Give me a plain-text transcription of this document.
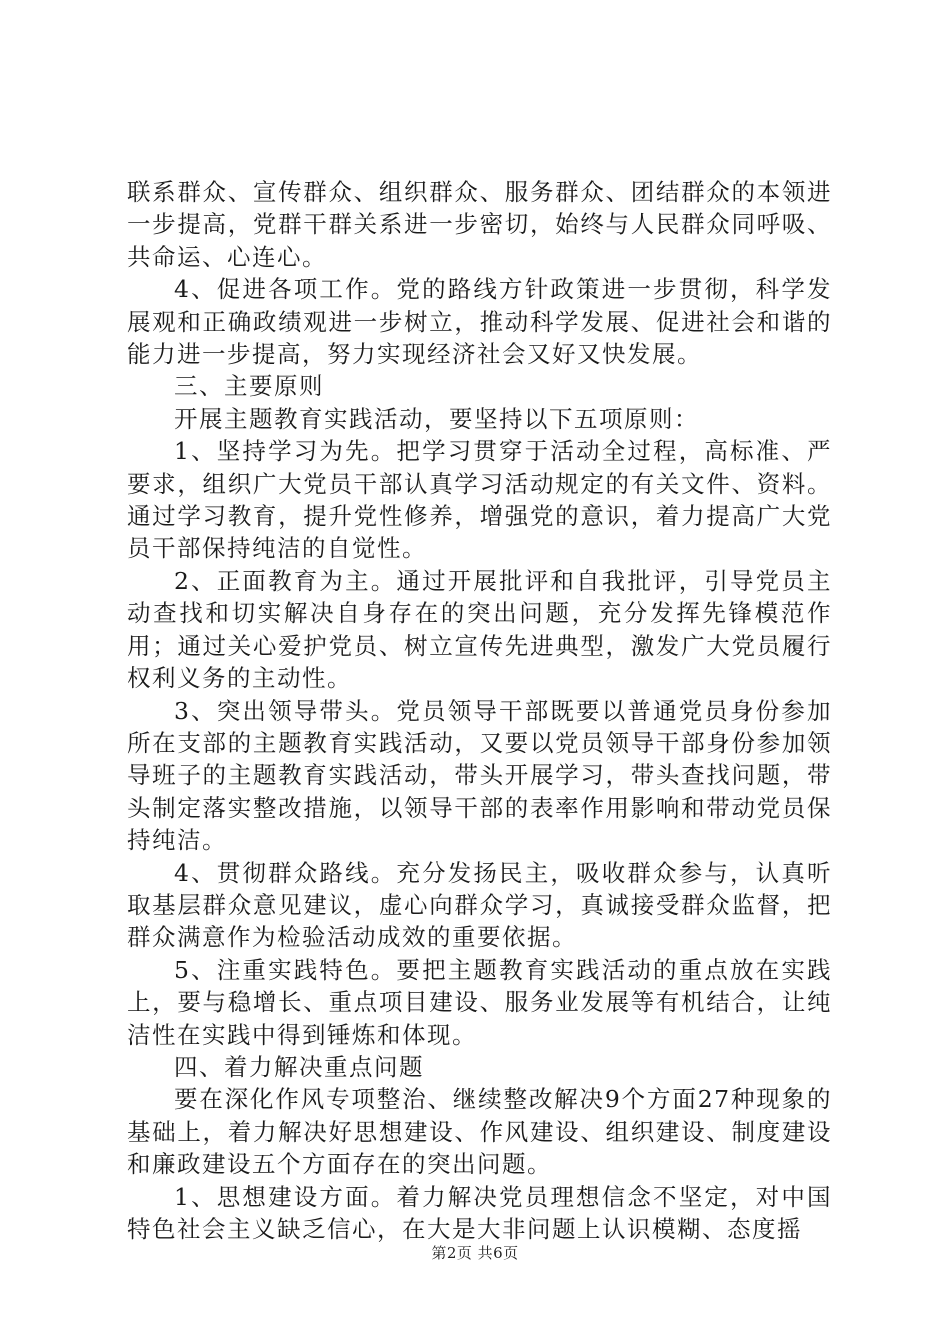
联系群众、宣传群众、组织群众、服务群众、团结群众的本领进一步提高，党群干群关系进一步密切，始终与人民群众同呼吸、共命运、心连心。

4、促进各项工作。党的路线方针政策进一步贯彻，科学发展观和正确政绩观进一步树立，推动科学发展、促进社会和谐的能力进一步提高，努力实现经济社会又好又快发展。

三、主要原则

开展主题教育实践活动，要坚持以下五项原则：

1、坚持学习为先。把学习贯穿于活动全过程，高标准、严要求，组织广大党员干部认真学习活动规定的有关文件、资料。通过学习教育，提升党性修养，增强党的意识，着力提高广大党员干部保持纯洁的自觉性。

2、正面教育为主。通过开展批评和自我批评，引导党员主动查找和切实解决自身存在的突出问题，充分发挥先锋模范作用；通过关心爱护党员、树立宣传先进典型，激发广大党员履行权利义务的主动性。

3、突出领导带头。党员领导干部既要以普通党员身份参加所在支部的主题教育实践活动，又要以党员领导干部身份参加领导班子的主题教育实践活动，带头开展学习，带头查找问题，带头制定落实整改措施，以领导干部的表率作用影响和带动党员保持纯洁。

4、贯彻群众路线。充分发扬民主，吸收群众参与，认真听取基层群众意见建议，虚心向群众学习，真诚接受群众监督，把群众满意作为检验活动成效的重要依据。

5、注重实践特色。要把主题教育实践活动的重点放在实践上，要与稳增长、重点项目建设、服务业发展等有机结合，让纯洁性在实践中得到锤炼和体现。

四、着力解决重点问题

要在深化作风专项整治、继续整改解决9个方面27种现象的基础上，着力解决好思想建设、作风建设、组织建设、制度建设和廉政建设五个方面存在的突出问题。

1、思想建设方面。着力解决党员理想信念不坚定，对中国特色社会主义缺乏信心，在大是大非问题上认识模糊、态度摇

第2页 共6页
